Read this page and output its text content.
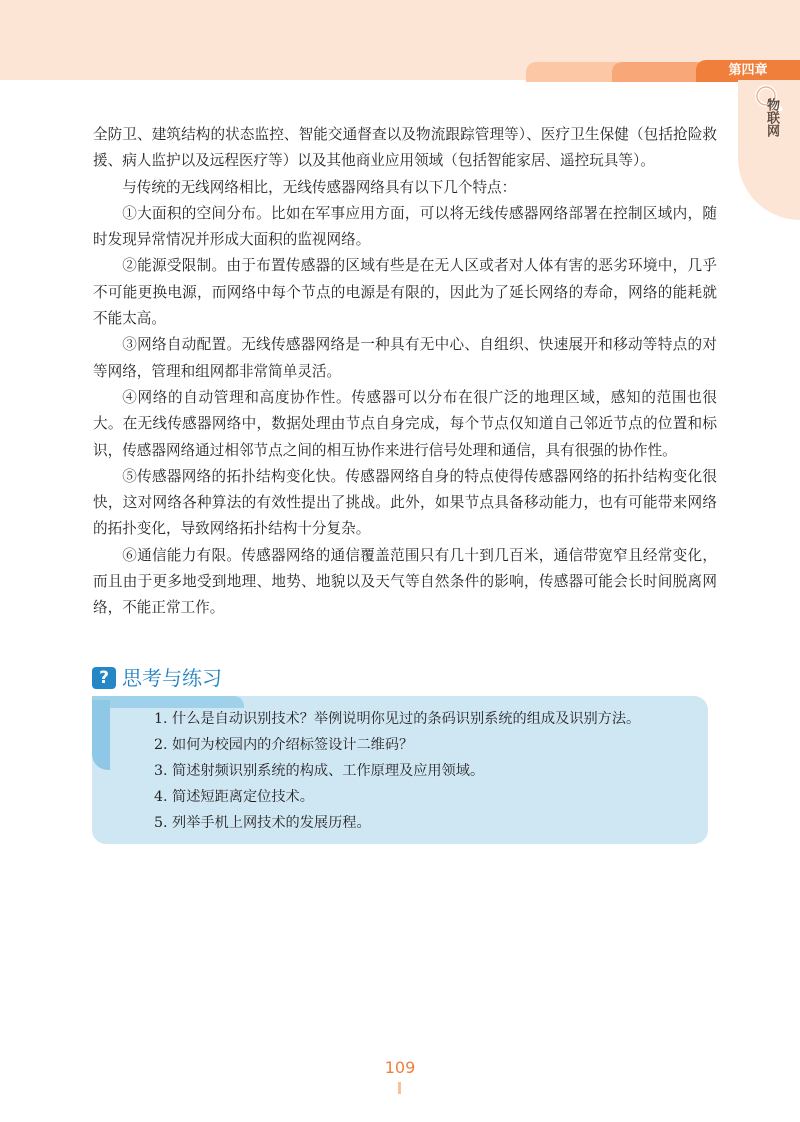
第四章
物联网

全防卫、建筑结构的状态监控、智能交通督查以及物流跟踪管理等）、医疗卫生保健（包括抢险救援、病人监护以及远程医疗等）以及其他商业应用领域（包括智能家居、遥控玩具等）。

与传统的无线网络相比，无线传感器网络具有以下几个特点：

①大面积的空间分布。比如在军事应用方面，可以将无线传感器网络部署在控制区域内，随时发现异常情况并形成大面积的监视网络。

②能源受限制。由于布置传感器的区域有些是在无人区或者对人体有害的恶劣环境中，几乎不可能更换电源，而网络中每个节点的电源是有限的，因此为了延长网络的寿命，网络的能耗就不能太高。

③网络自动配置。无线传感器网络是一种具有无中心、自组织、快速展开和移动等特点的对等网络，管理和组网都非常简单灵活。

④网络的自动管理和高度协作性。传感器可以分布在很广泛的地理区域，感知的范围也很大。在无线传感器网络中，数据处理由节点自身完成，每个节点仅知道自己邻近节点的位置和标识，传感器网络通过相邻节点之间的相互协作来进行信号处理和通信，具有很强的协作性。

⑤传感器网络的拓扑结构变化快。传感器网络自身的特点使得传感器网络的拓扑结构变化很快，这对网络各种算法的有效性提出了挑战。此外，如果节点具备移动能力，也有可能带来网络的拓扑变化，导致网络拓扑结构十分复杂。

⑥通信能力有限。传感器网络的通信覆盖范围只有几十到几百米，通信带宽窄且经常变化，而且由于更多地受到地理、地势、地貌以及天气等自然条件的影响，传感器可能会长时间脱离网络，不能正常工作。

? 思考与练习
1. 什么是自动识别技术？举例说明你见过的条码识别系统的组成及识别方法。
2. 如何为校园内的介绍标签设计二维码？
3. 简述射频识别系统的构成、工作原理及应用领域。
4. 简述短距离定位技术。
5. 列举手机上网技术的发展历程。
109
